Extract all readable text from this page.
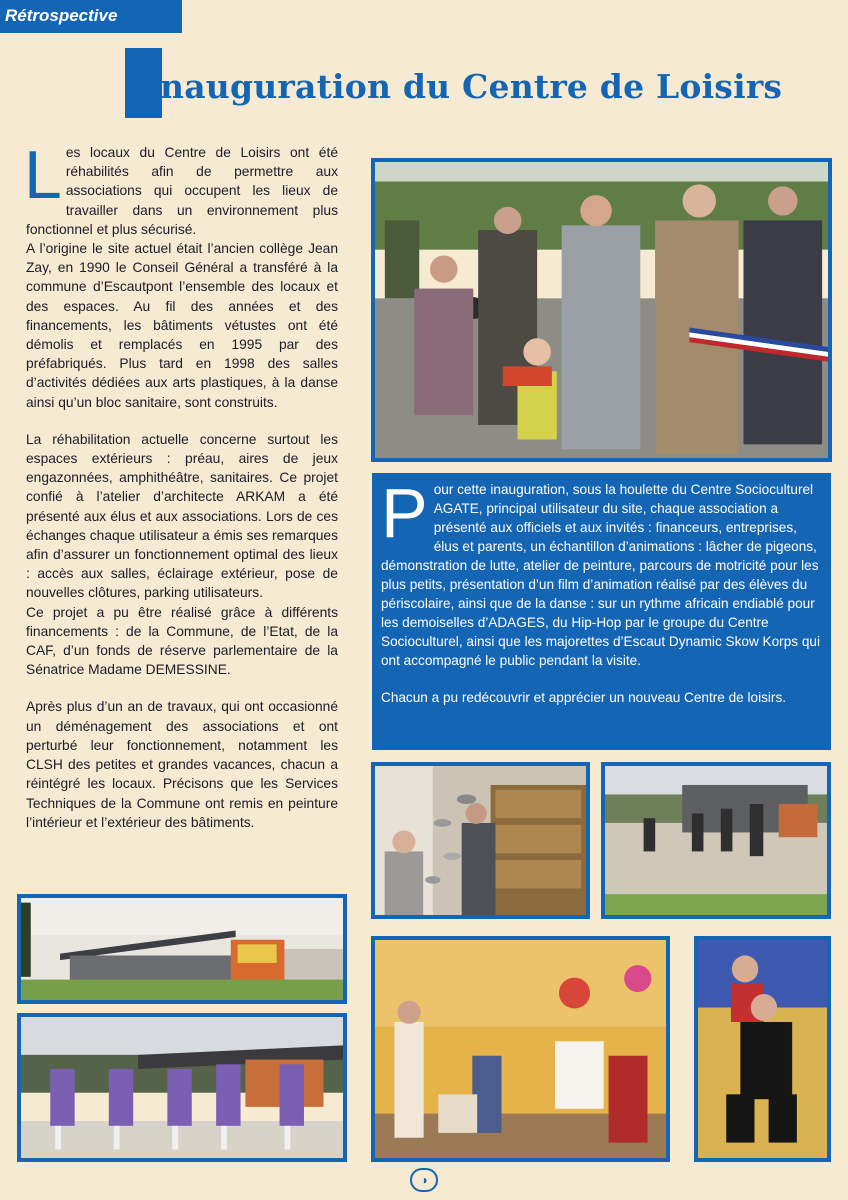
Rétrospective
nauguration du Centre de Loisirs

Les locaux du Centre de Loisirs ont été réhabilités afin de permettre aux associations qui occupent les lieux de travailler dans un environnement plus fonctionnel et plus sécurisé.

A l’origine le site actuel était l’ancien collège Jean Zay, en 1990 le Conseil Général a transféré à la commune d’Escautpont l’ensemble des locaux et des espaces. Au fil des années et des financements, les bâtiments vétustes ont été démolis et remplacés en 1995 par des préfabriqués. Plus tard en 1998 des salles d’activités dédiées aux arts plastiques, à la danse ainsi qu’un bloc sanitaire, sont construits.

La réhabilitation actuelle concerne surtout les espaces extérieurs : préau, aires de jeux engazonnées, amphithéâtre, sanitaires. Ce projet confié à l’atelier d’architecte ARKAM a été présenté aux élus et aux associations. Lors de ces échanges chaque utilisateur a émis ses remarques afin d’assurer un fonctionnement optimal des lieux : accès aux salles, éclairage extérieur, pose de nouvelles clôtures, parking utilisateurs.

Ce projet a pu être réalisé grâce à différents financements : de la Commune, de l’Etat, de la CAF, d’un fonds de réserve parlementaire de la Sénatrice Madame DEMESSINE.

Après plus d’un an de travaux, qui ont occasionné un déménagement des associations et ont perturbé leur fonctionnement, notamment les CLSH des petites et grandes vacances, chacun a réintégré les locaux. Précisons que les Services Techniques de la Commune ont remis en peinture l’intérieur et l’extérieur des bâtiments.

Pour cette inauguration, sous la houlette du Centre Socioculturel AGATE, principal utilisateur du site, chaque association a présenté aux officiels et aux invités : financeurs, entreprises, élus et parents, un échantillon d’animations : lâcher de pigeons, démonstration de lutte, atelier de peinture, parcours de motricité pour les plus petits, présentation d’un film d’animation réalisé par des élèves du périscolaire, ainsi que de la danse : sur un rythme africain endiablé pour les demoiselles d’ADAGES, du Hip-Hop par le groupe du Centre Socioculturel, ainsi que les majorettes d’Escaut Dynamic Skow Korps qui ont accompagné le public pendant la visite.

Chacun a pu redécouvrir et apprécier un nouveau Centre de loisirs.

◑
